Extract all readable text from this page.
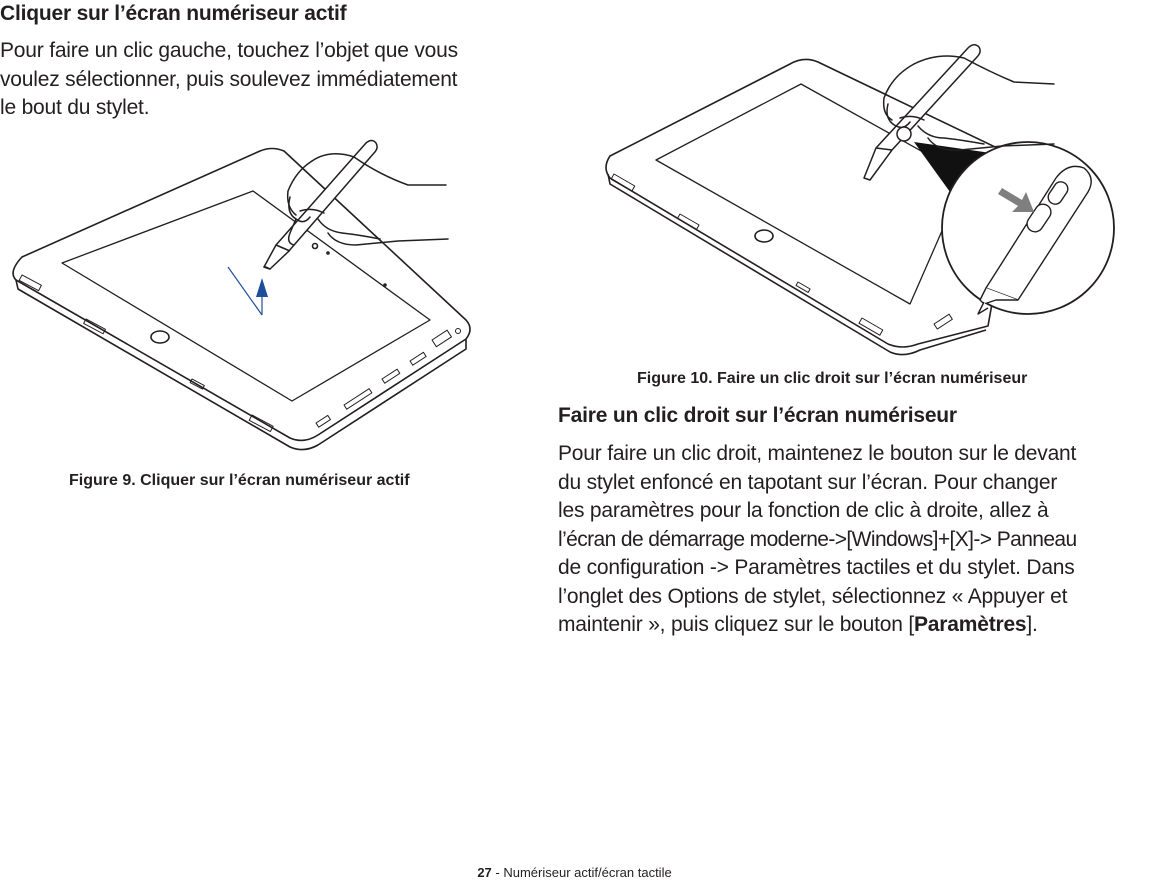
Cliquer sur l’écran numériseur actif
Pour faire un clic gauche, touchez l’objet que vous
voulez sélectionner, puis soulevez immédiatement
le bout du stylet.
Figure 9. Cliquer sur l’écran numériseur actif
Figure 10. Faire un clic droit sur l’écran numériseur
Faire un clic droit sur l’écran numériseur
Pour faire un clic droit, maintenez le bouton sur le devant
du stylet enfoncé en tapotant sur l’écran. Pour changer
les paramètres pour la fonction de clic à droite, allez à
l’écran de démarrage moderne->[Windows]+[X]-> Panneau
de configuration -> Paramètres tactiles et du stylet. Dans
l’onglet des Options de stylet, sélectionnez « Appuyer et
maintenir », puis cliquez sur le bouton [Paramètres].
27 - Numériseur actif/écran tactile
